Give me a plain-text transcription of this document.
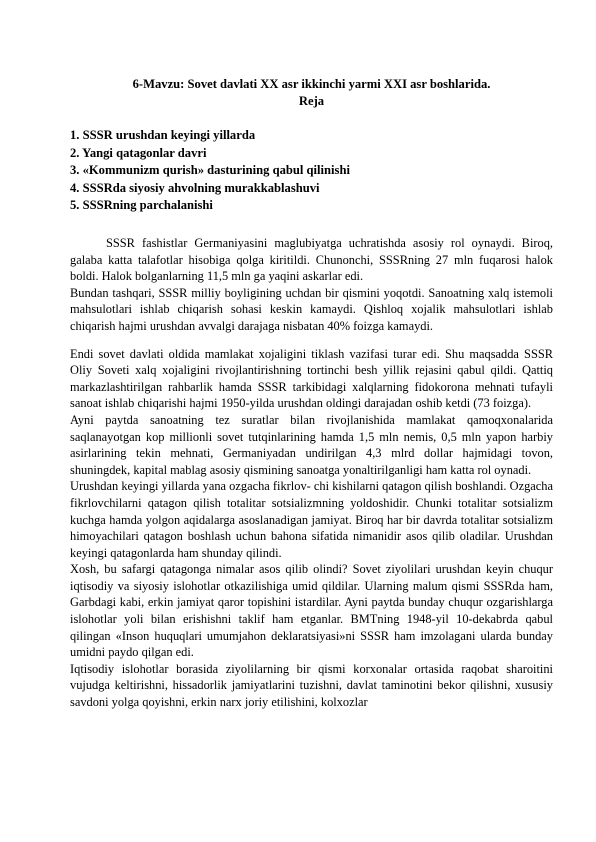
6-Mavzu: Sovet davlati XX asr ikkinchi yarmi XXI asr boshlarida.
Reja
1. SSSR urushdan keyingi yillarda
2. Yangi qatagonlar davri
3. «Kommunizm qurish» dasturining qabul qilinishi
4. SSSRda siyosiy ahvolning murakkablashuvi
5. SSSRning parchalanishi

SSSR fashistlar Germaniyasini maglubiyatga uchratishda asosiy rol oynaydi. Biroq, galaba katta talafotlar hisobiga qolga kiritildi. Chunonchi, SSSRning 27 mln fuqarosi halok boldi. Halok bolganlarning 11,5 mln ga yaqini askarlar edi.

Bundan tashqari, SSSR milliy boyligining uchdan bir qismini yoqotdi. Sanoatning xalq istemoli mahsulotlari ishlab chiqarish sohasi keskin kamaydi. Qishloq xojalik mahsulotlari ishlab chiqarish hajmi urushdan avvalgi darajaga nisbatan 40% foizga kamaydi.

Endi sovet davlati oldida mamlakat xojaligini tiklash vazifasi turar edi. Shu maqsadda SSSR Oliy Soveti xalq xojaligini rivojlantirishning tortinchi besh yillik rejasini qabul qildi. Qattiq markazlashtirilgan rahbarlik hamda SSSR tarkibidagi xalqlarning fidokorona mehnati tufayli sanoat ishlab chiqarishi hajmi 1950-yilda urushdan oldingi darajadan oshib ketdi (73 foizga).

Ayni paytda sanoatning tez suratlar bilan rivojlanishida mamlakat qamoqxonalarida saqlanayotgan kop millionli sovet tutqinlarining hamda 1,5 mln nemis, 0,5 mln yapon harbiy asirlarining tekin mehnati, Germaniyadan undirilgan 4,3 mlrd dollar hajmidagi tovon, shuningdek, kapital mablag asosiy qismining sanoatga yonaltirilganligi ham katta rol oynadi.

Urushdan keyingi yillarda yana ozgacha fikrlov- chi kishilarni qatagon qilish boshlandi. Ozgacha fikrlovchilarni qatagon qilish totalitar sotsializmning yoldoshidir. Chunki totalitar sotsializm kuchga hamda yolgon aqidalarga asoslanadigan jamiyat. Biroq har bir davrda totalitar sotsializm himoyachilari qatagon boshlash uchun bahona sifatida nimanidir asos qilib oladilar. Urushdan keyingi qatagonlarda ham shunday qilindi.

Xosh, bu safargi qatagonga nimalar asos qilib olindi? Sovet ziyolilari urushdan keyin chuqur iqtisodiy va siyosiy islohotlar otkazilishiga umid qildilar. Ularning malum qismi SSSRda ham, Garbdagi kabi, erkin jamiyat qaror topishini istardilar. Ayni paytda bunday chuqur ozgarishlarga islohotlar yoli bilan erishishni taklif ham etganlar. BMTning 1948-yil 10-dekabrda qabul qilingan «Inson huquqlari umumjahon deklaratsiyasi»ni SSSR ham imzolagani ularda bunday umidni paydo qilgan edi.

Iqtisodiy islohotlar borasida ziyolilarning bir qismi korxonalar ortasida raqobat sharoitini vujudga keltirishni, hissadorlik jamiyatlarini tuzishni, davlat taminotini bekor qilishni, xususiy savdoni yolga qoyishni, erkin narx joriy etilishini, kolxozlar
